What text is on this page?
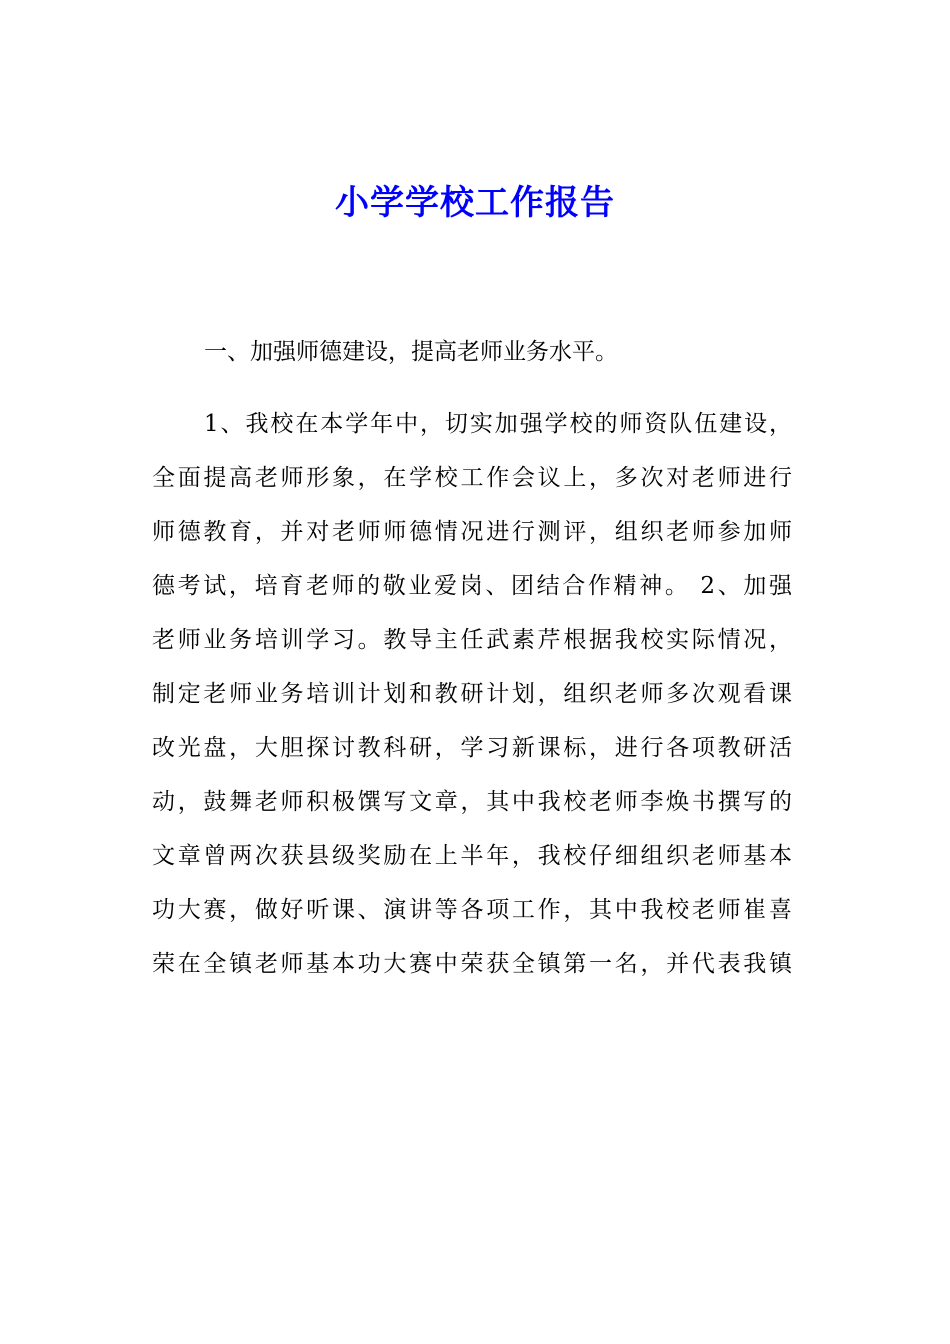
小学学校工作报告

一、加强师德建设，提高老师业务水平。

1、我校在本学年中，切实加强学校的师资队伍建设，
全面提高老师形象，在学校工作会议上，多次对老师进行
师德教育，并对老师师德情况进行测评，组织老师参加师
德考试，培育老师的敬业爱岗、团结合作精神。 2、加强
老师业务培训学习。教导主任武素芹根据我校实际情况，
制定老师业务培训计划和教研计划，组织老师多次观看课
改光盘，大胆探讨教科研，学习新课标，进行各项教研活
动，鼓舞老师积极馔写文章，其中我校老师李焕书撰写的
文章曾两次获县级奖励在上半年，我校仔细组织老师基本
功大赛，做好听课、演讲等各项工作，其中我校老师崔喜
荣在全镇老师基本功大赛中荣获全镇第一名，并代表我镇
